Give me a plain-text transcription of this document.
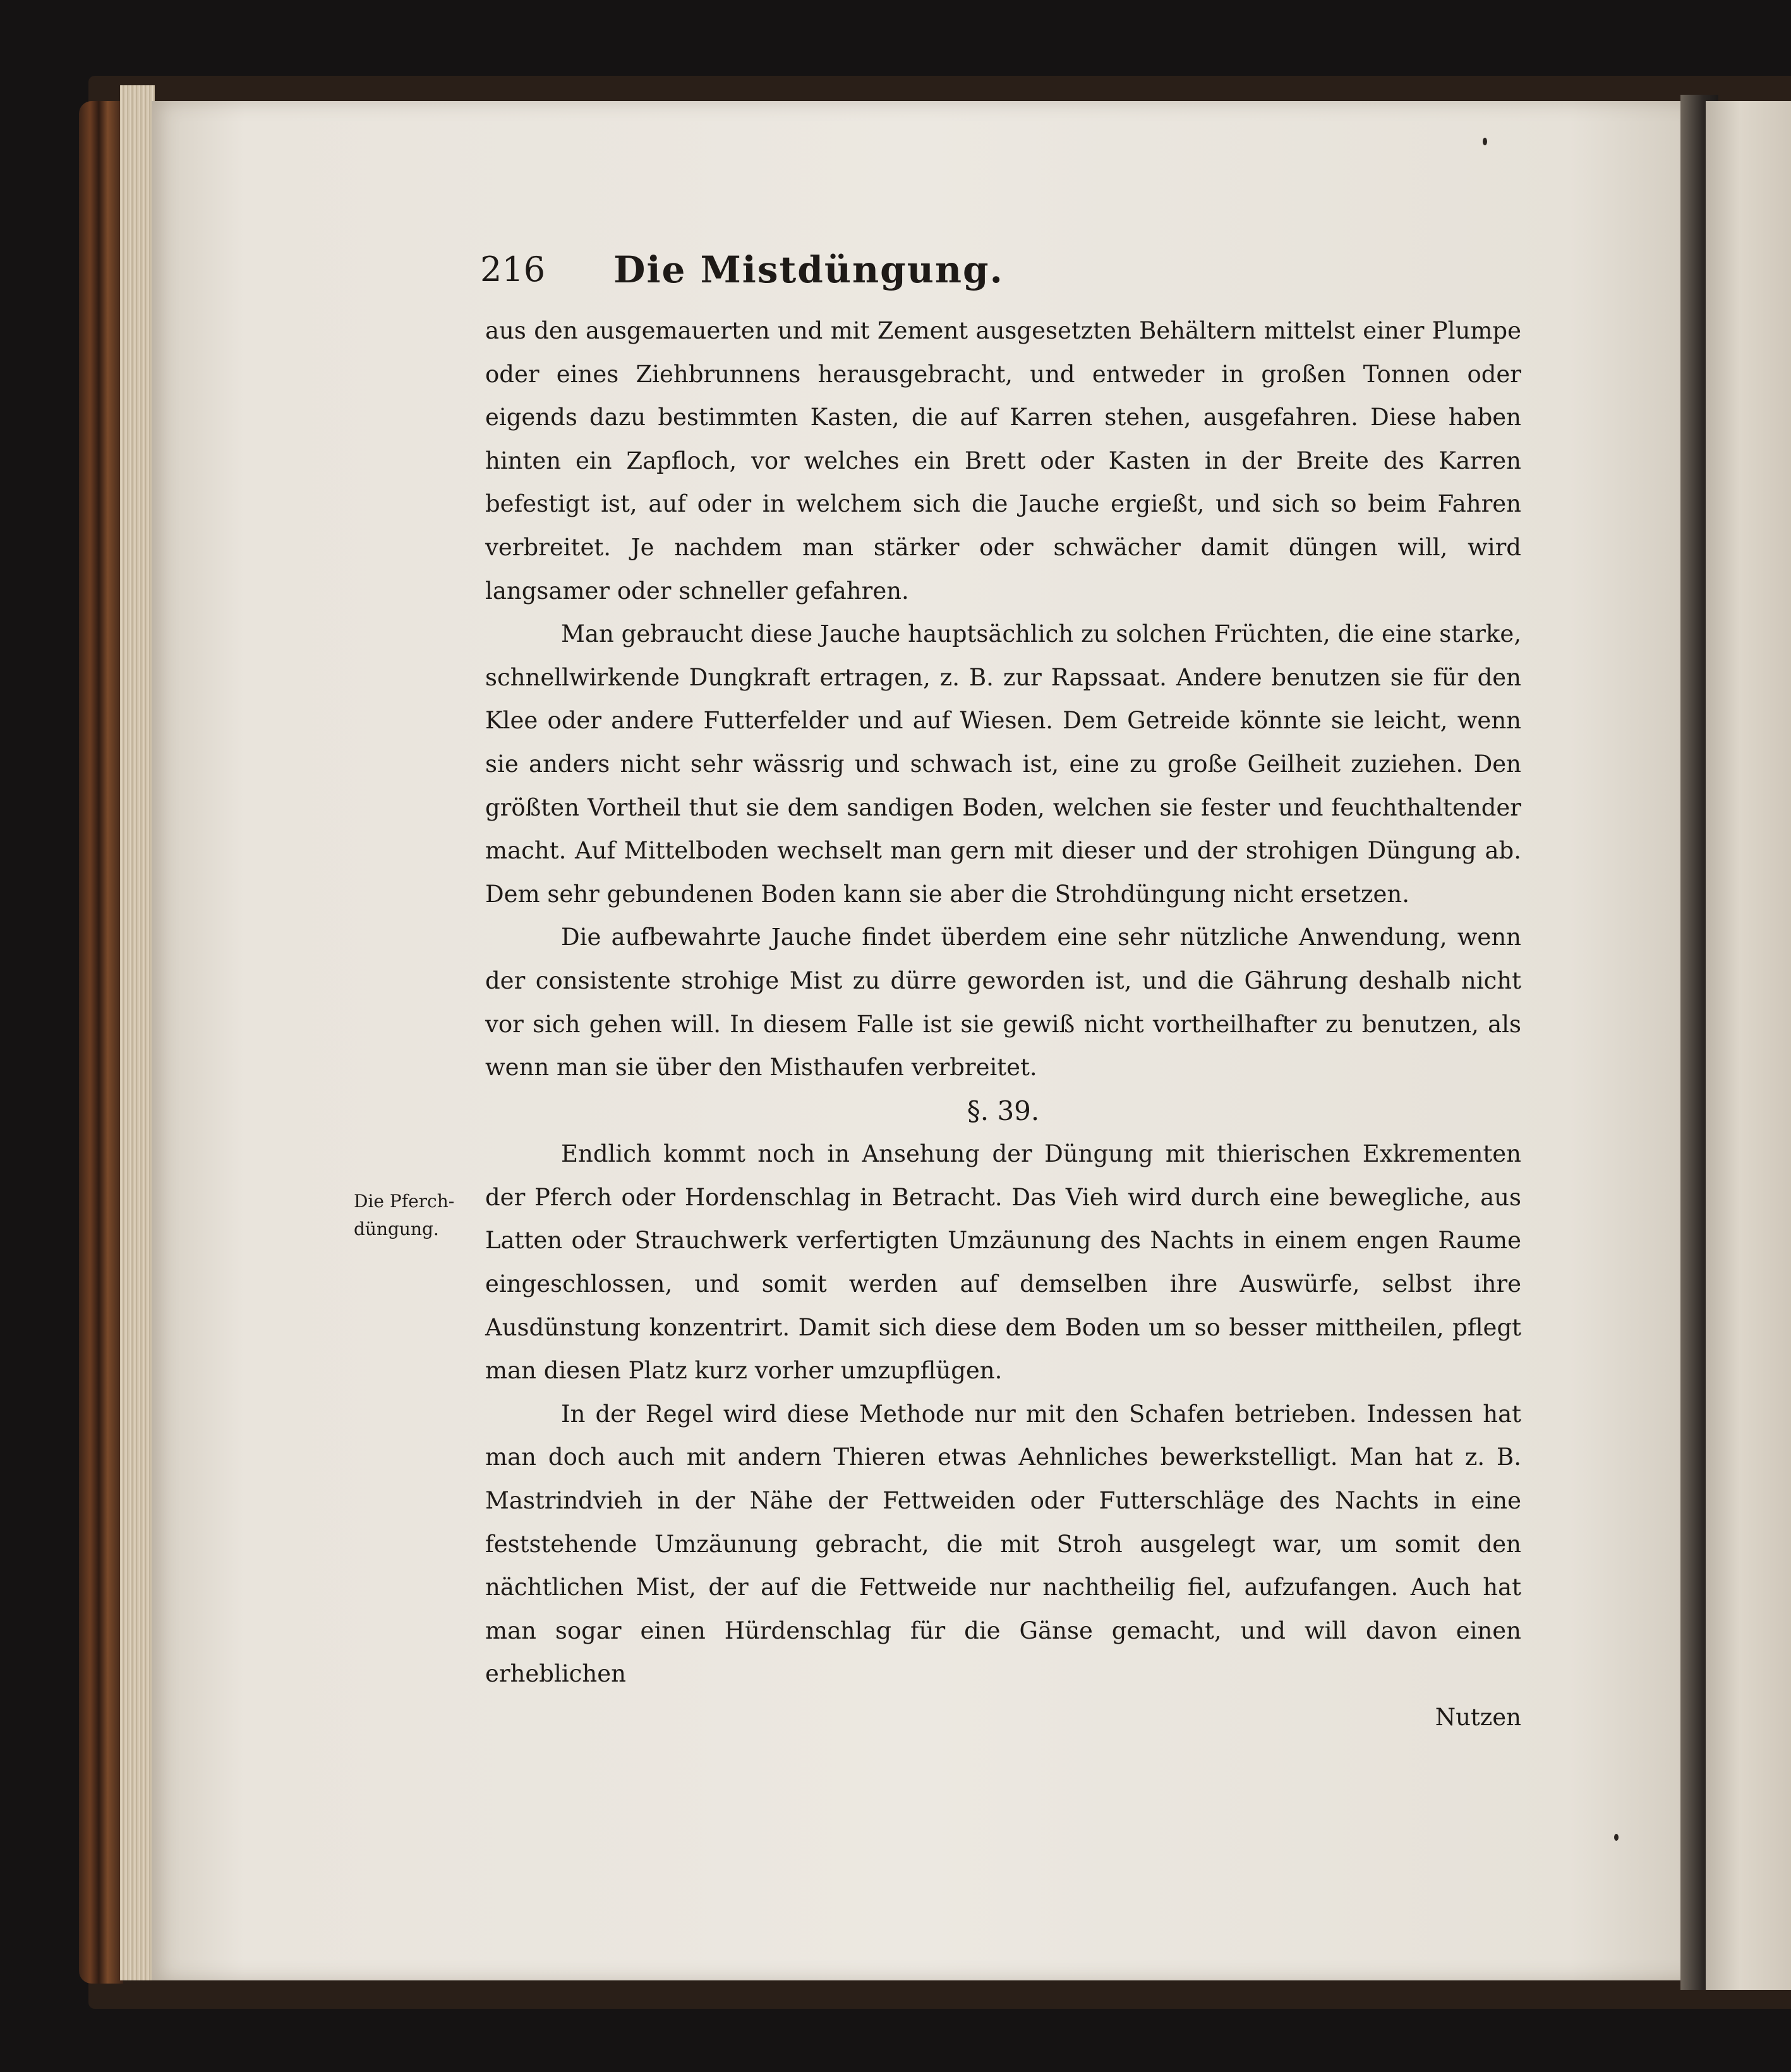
216	Die Mistdüngung.
Die Pferch-
düngung.

aus den ausgemauerten und mit Zement ausgesetzten Behältern mittelst einer Plumpe oder eines Ziehbrunnens herausgebracht, und entweder in großen Tonnen oder eigends dazu bestimmten Kasten, die auf Karren stehen, ausgefahren. Diese haben hinten ein Zapfloch, vor welches ein Brett oder Kasten in der Breite des Karren befestigt ist, auf oder in welchem sich die Jauche ergießt, und sich so beim Fahren verbreitet. Je nachdem man stärker oder schwächer damit düngen will, wird langsamer oder schneller gefahren.

Man gebraucht diese Jauche hauptsächlich zu solchen Früchten, die eine starke, schnellwirkende Dungkraft ertragen, z. B. zur Rapssaat. Andere benutzen sie für den Klee oder andere Futterfelder und auf Wiesen. Dem Getreide könnte sie leicht, wenn sie anders nicht sehr wässrig und schwach ist, eine zu große Geilheit zuziehen. Den größten Vortheil thut sie dem sandigen Boden, welchen sie fester und feuchthaltender macht. Auf Mittelboden wechselt man gern mit dieser und der strohigen Düngung ab. Dem sehr gebundenen Boden kann sie aber die Strohdüngung nicht ersetzen.

Die aufbewahrte Jauche findet überdem eine sehr nützliche Anwendung, wenn der consistente strohige Mist zu dürre geworden ist, und die Gährung deshalb nicht vor sich gehen will. In diesem Falle ist sie gewiß nicht vortheilhafter zu benutzen, als wenn man sie über den Misthaufen verbreitet.

§. 39.

Endlich kommt noch in Ansehung der Düngung mit thierischen Exkrementen der Pferch oder Hordenschlag in Betracht. Das Vieh wird durch eine bewegliche, aus Latten oder Strauchwerk verfertigten Umzäunung des Nachts in einem engen Raume eingeschlossen, und somit werden auf demselben ihre Auswürfe, selbst ihre Ausdünstung konzentrirt. Damit sich diese dem Boden um so besser mittheilen, pflegt man diesen Platz kurz vorher umzupflügen.

In der Regel wird diese Methode nur mit den Schafen betrieben. Indessen hat man doch auch mit andern Thieren etwas Aehnliches bewerkstelligt. Man hat z. B. Mastrindvieh in der Nähe der Fettweiden oder Futterschläge des Nachts in eine feststehende Umzäunung gebracht, die mit Stroh ausgelegt war, um somit den nächtlichen Mist, der auf die Fettweide nur nachtheilig fiel, aufzufangen. Auch hat man sogar einen Hürdenschlag für die Gänse gemacht, und will davon einen erheblichen

Nutzen
